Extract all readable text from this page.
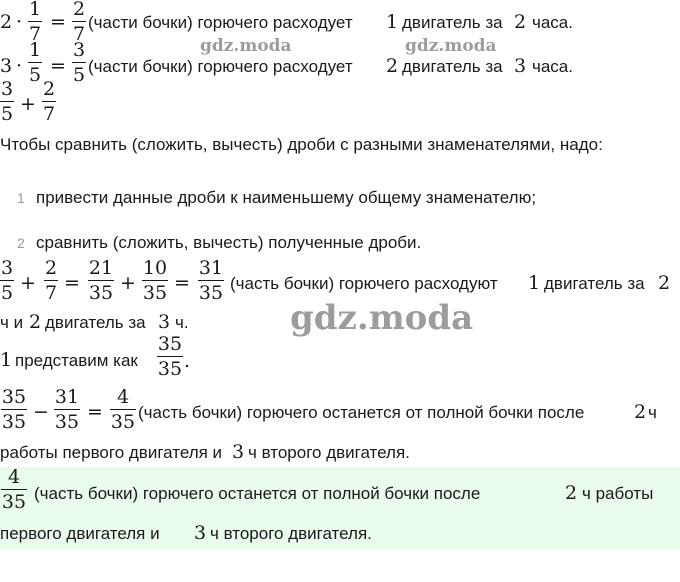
2 ·
1
7
=
2
7
(части бочки) горючего расходует 1 двигатель за 2 часа.
gdz.moda	gdz.moda
3 ·
1
5 =
3
5 (части бочки) горючего расходует 2 двигатель за 3 часа.
3
5 +
2
7
Чтобы сравнить (сложить, вычесть) дроби с разными знаменателями, надо:
1 привести данные дроби к наименьшему общему знаменателю;
2 сравнить (сложить, вычесть) полученные дроби.
3
5 +
2
7 =
21
35 +
10
35 =
31
35 (часть бочки) горючего расходуют 1 двигатель за 2
ч и 2 двигатель за 3 ч.	gdz.moda
1 представим как
35
35 .
35
35 −
31
35 =
4
35 (часть бочки) горючего останется от полной бочки после	2 ч
работы первого двигателя и 3 ч второго двигателя.
4
35 (часть бочки) горючего останется от полной бочки после	2 ч работы
первого двигателя и 3 ч второго двигателя.
